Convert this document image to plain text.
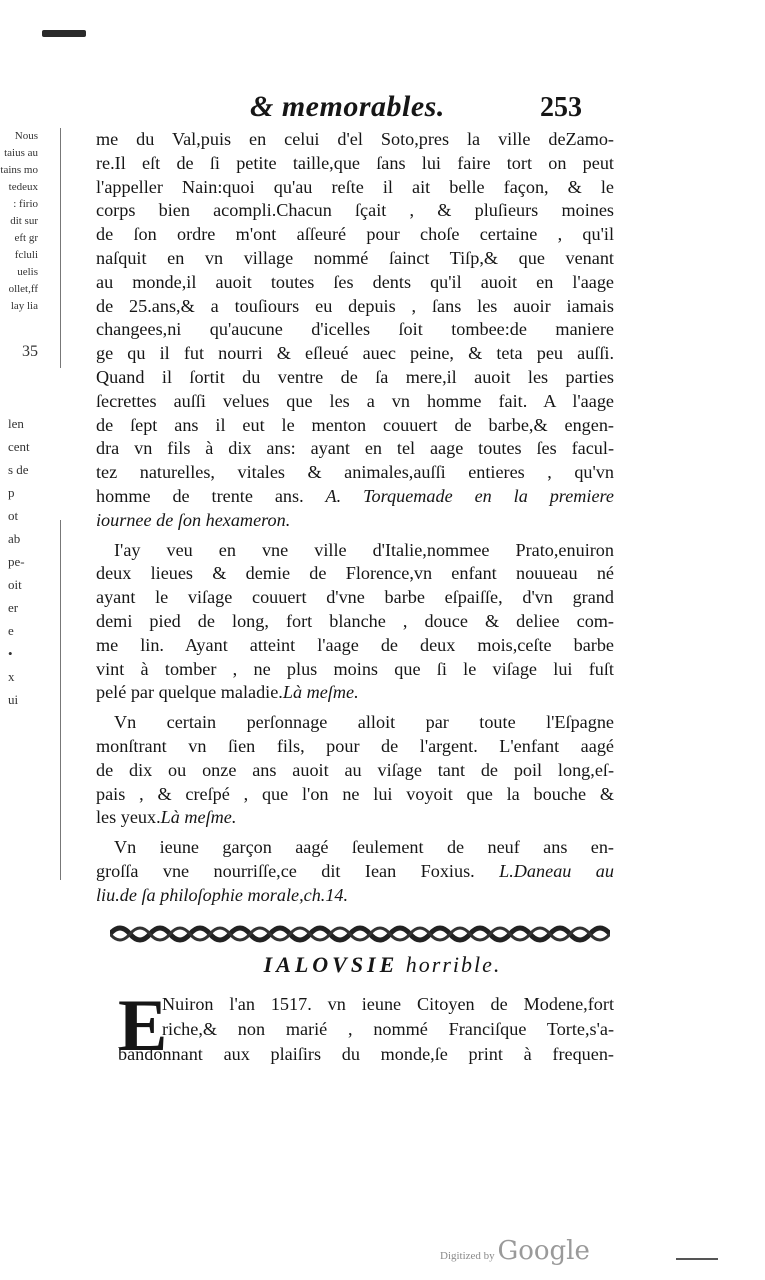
Nous
taius au
tains mo
tedeux
: firio
dit sur
eft gr
fcluli
uelis
ollet,ff
lay lia
35
len
cent
s de
p
ot
ab
pe-
oit
er
e
•
x
ui
& memorables.	253
me du Val,puis en celui d'el Soto,pres la ville deZamo-
re.Il eſt de ſi petite taille,que ſans lui faire tort on peut
l'appeller Nain:quoi qu'au reſte il ait belle façon, & le
corps bien acompli.Chacun ſçait , & pluſieurs moines
de ſon ordre m'ont aſſeuré pour choſe certaine , qu'il
naſquit en vn village nommé ſainct Tiſp,& que venant
au monde,il auoit toutes ſes dents qu'il auoit en l'aage
de 25.ans,& a touſiours eu depuis , ſans les auoir iamais
changees,ni qu'aucune d'icelles ſoit tombee:de maniere
ge qu il fut nourri & eſleué auec peine, & teta peu auſſi.
Quand il ſortit du ventre de ſa mere,il auoit les parties
ſecrettes auſſi velues que les a vn homme fait. A l'aage
de ſept ans il eut le menton couuert de barbe,& engen-
dra vn fils à dix ans: ayant en tel aage toutes ſes facul-
tez naturelles, vitales & animales,auſſi entieres , qu'vn
homme de trente ans. A. Torquemade en la premiere
iournee de ſon hexameron.
I'ay veu en vne ville d'Italie,nommee Prato,enuiron
deux lieues & demie de Florence,vn enfant nouueau né
ayant le viſage couuert d'vne barbe eſpaiſſe, d'vn grand
demi pied de long, fort blanche , douce & deliee com-
me lin. Ayant atteint l'aage de deux mois,ceſte barbe
vint à tomber , ne plus moins que ſi le viſage lui fuſt
pelé par quelque maladie.Là meſme.
Vn certain perſonnage alloit par toute l'Eſpagne
monſtrant vn ſien fils, pour de l'argent. L'enfant aagé
de dix ou onze ans auoit au viſage tant de poil long,eſ-
pais , & creſpé , que l'on ne lui voyoit que la bouche &
les yeux.Là meſme.
Vn ieune garçon aagé ſeulement de neuf ans en-
groſſa vne nourriſſe,ce dit Iean Foxius. L.Daneau au
liu.de ſa philoſophie morale,ch.14.
IALOVSIE horrible.
E
Nuiron l'an 1517. vn ieune Citoyen de Modene,fort
riche,& non marié , nommé Franciſque Torte,s'a-
bandonnant aux plaiſirs du monde,ſe print à frequen-
Digitized by Google
